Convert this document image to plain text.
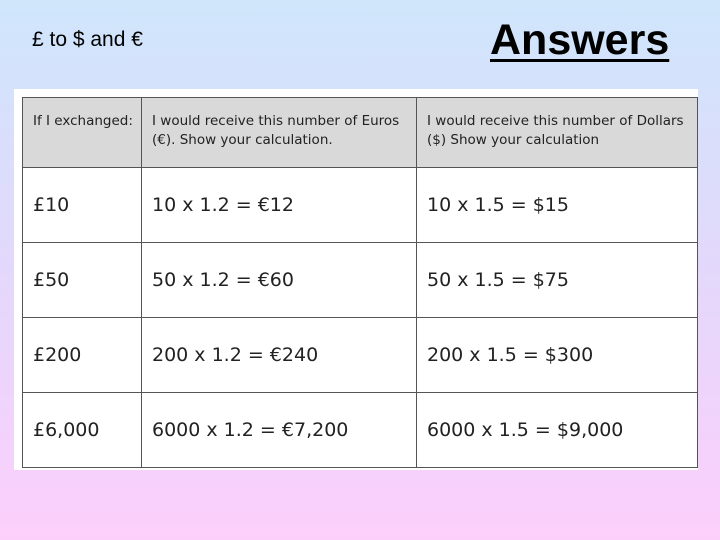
£ to $ and €	Answers
If I exchanged:	I would receive this number of Euros (€). Show your calculation.	I would receive this number of Dollars ($) Show your calculation
£10	10 x 1.2 = €12	10 x 1.5 = $15
£50	50 x 1.2 = €60	50 x 1.5 = $75
£200	200 x 1.2 = €240	200 x 1.5 = $300
£6,000	6000 x 1.2 = €7,200	6000 x 1.5 = $9,000
